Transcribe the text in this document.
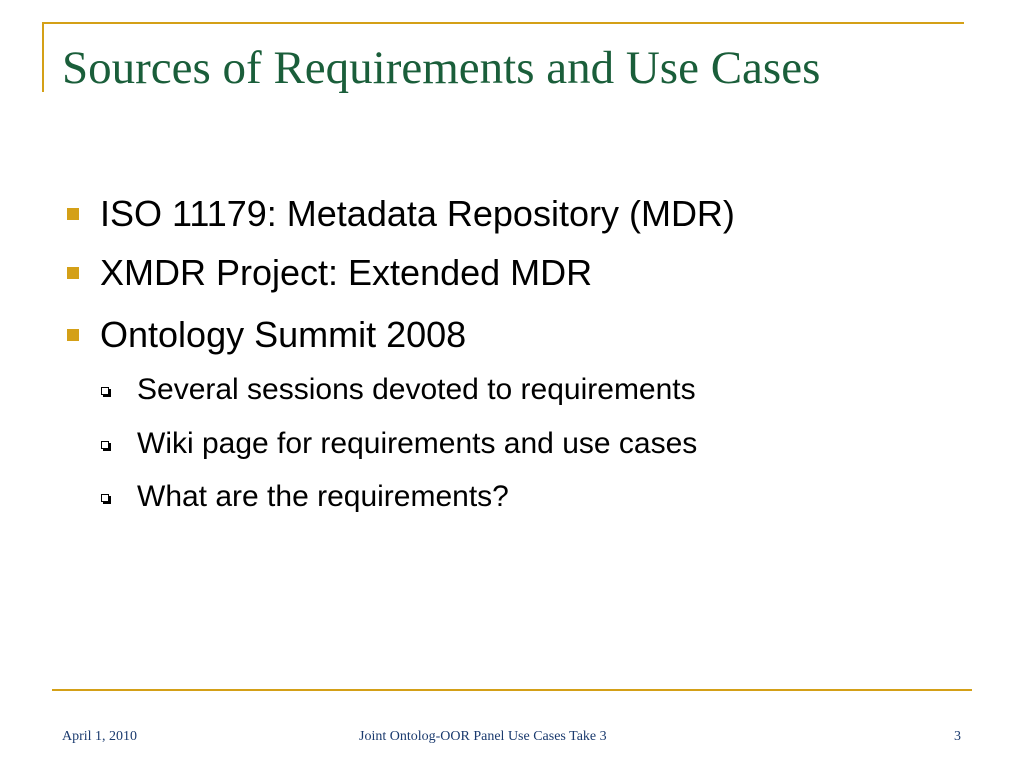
Sources of Requirements and Use Cases
ISO 11179: Metadata Repository (MDR)
XMDR Project: Extended MDR
Ontology Summit 2008
Several sessions devoted to requirements
Wiki page for requirements and use cases
What are the requirements?
April 1, 2010	Joint Ontolog-OOR Panel Use Cases Take 3	3
